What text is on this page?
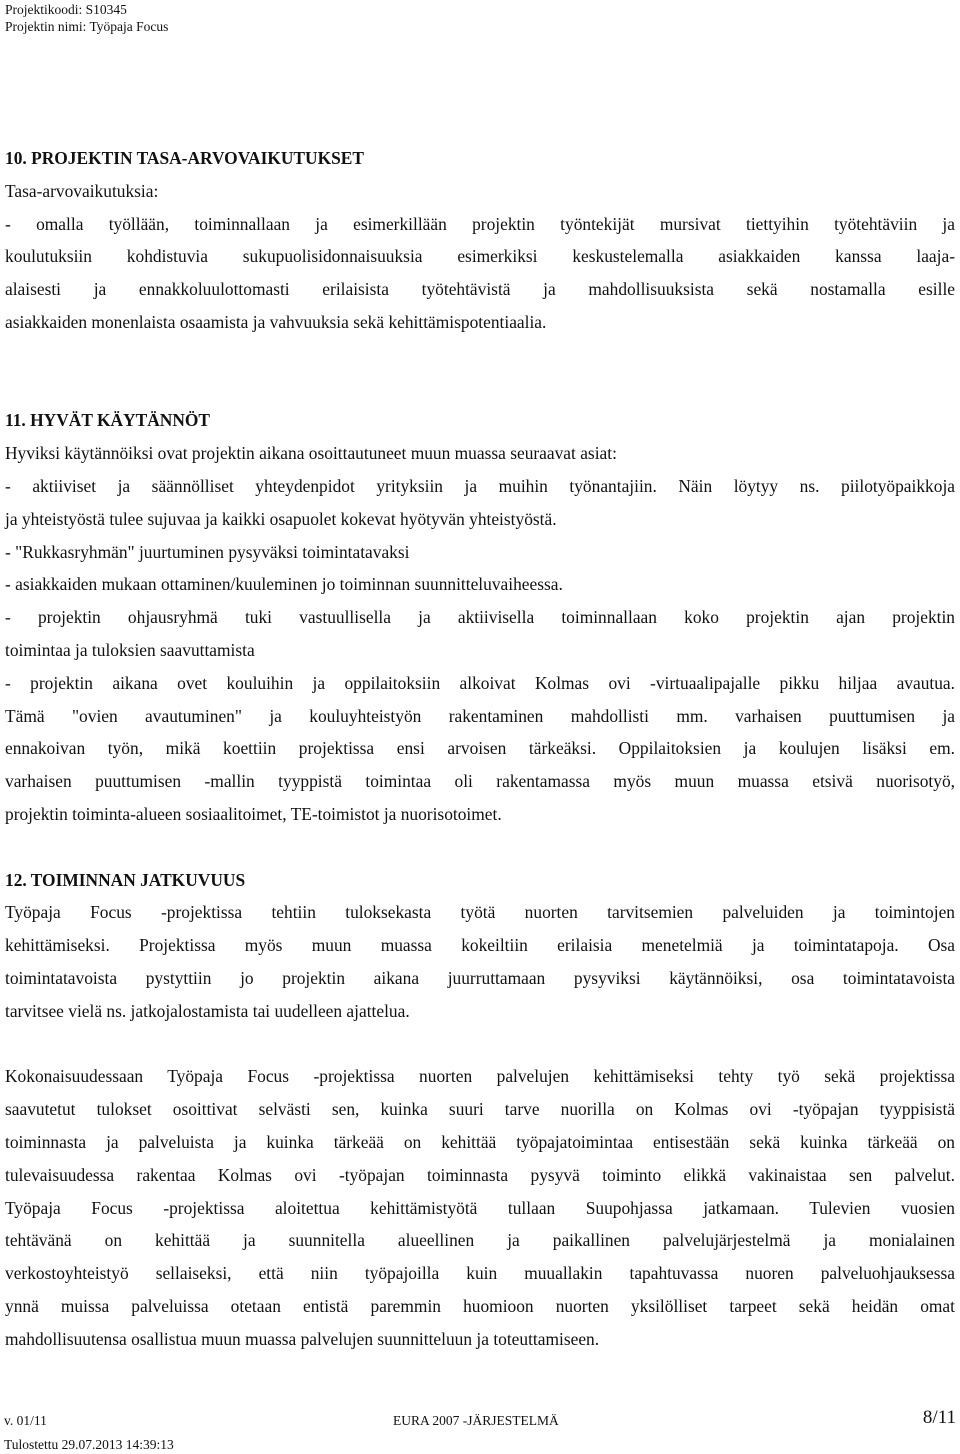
Projektikoodi: S10345
Projektin nimi: Työpaja Focus
10. PROJEKTIN TASA-ARVOVAIKUTUKSET
Tasa-arvovaikutuksia:
- omalla työllään, toiminnallaan ja esimerkillään projektin työntekijät mursivat tiettyihin työtehtäviin ja
koulutuksiin kohdistuvia sukupuolisidonnaisuuksia esimerkiksi keskustelemalla asiakkaiden kanssa laaja-
alaisesti ja ennakkoluulottomasti erilaisista työtehtävistä ja mahdollisuuksista sekä nostamalla esille
asiakkaiden monenlaista osaamista ja vahvuuksia sekä kehittämispotentiaalia.
11. HYVÄT KÄYTÄNNÖT
Hyviksi käytännöiksi ovat projektin aikana osoittautuneet muun muassa seuraavat asiat:
- aktiiviset ja säännölliset yhteydenpidot yrityksiin ja muihin työnantajiin. Näin löytyy ns. piilotyöpaikkoja
ja yhteistyöstä tulee sujuvaa ja kaikki osapuolet kokevat hyötyvän yhteistyöstä.
- "Rukkasryhmän" juurtuminen pysyväksi toimintatavaksi
- asiakkaiden mukaan ottaminen/kuuleminen jo toiminnan suunnitteluvaiheessa.
- projektin ohjausryhmä tuki vastuullisella ja aktiivisella toiminnallaan koko projektin ajan projektin
toimintaa ja tuloksien saavuttamista
- projektin aikana ovet kouluihin ja oppilaitoksiin alkoivat Kolmas ovi -virtuaalipajalle pikku hiljaa avautua.
Tämä "ovien avautuminen" ja kouluyhteistyön rakentaminen mahdollisti mm. varhaisen puuttumisen ja
ennakoivan työn, mikä koettiin projektissa ensi arvoisen tärkeäksi. Oppilaitoksien ja koulujen lisäksi em.
varhaisen puuttumisen -mallin tyyppistä toimintaa oli rakentamassa myös muun muassa etsivä nuorisotyö,
projektin toiminta-alueen sosiaalitoimet, TE-toimistot ja nuorisotoimet.
12. TOIMINNAN JATKUVUUS
Työpaja Focus -projektissa tehtiin tuloksekasta työtä nuorten tarvitsemien palveluiden ja toimintojen
kehittämiseksi. Projektissa myös muun muassa kokeiltiin erilaisia menetelmiä ja toimintatapoja. Osa
toimintatavoista pystyttiin jo projektin aikana juurruttamaan pysyviksi käytännöiksi, osa toimintatavoista
tarvitsee vielä ns. jatkojalostamista tai uudelleen ajattelua.
Kokonaisuudessaan Työpaja Focus -projektissa nuorten palvelujen kehittämiseksi tehty työ sekä projektissa
saavutetut tulokset osoittivat selvästi sen, kuinka suuri tarve nuorilla on Kolmas ovi -työpajan tyyppisistä
toiminnasta ja palveluista ja kuinka tärkeää on kehittää työpajatoimintaa entisestään sekä kuinka tärkeää on
tulevaisuudessa rakentaa Kolmas ovi -työpajan toiminnasta pysyvä toiminto elikkä vakinaistaa sen palvelut.
Työpaja Focus -projektissa aloitettua kehittämistyötä tullaan Suupohjassa jatkamaan. Tulevien vuosien
tehtävänä on kehittää ja suunnitella alueellinen ja paikallinen palvelujärjestelmä ja monialainen
verkostoyhteistyö sellaiseksi, että niin työpajoilla kuin muuallakin tapahtuvassa nuoren palveluohjauksessa
ynnä muissa palveluissa otetaan entistä paremmin huomioon nuorten yksilölliset tarpeet sekä heidän omat
mahdollisuutensa osallistua muun muassa palvelujen suunnitteluun ja toteuttamiseen.
v. 01/11	EURA 2007 -JÄRJESTELMÄ	8/11
Tulostettu 29.07.2013 14:39:13
